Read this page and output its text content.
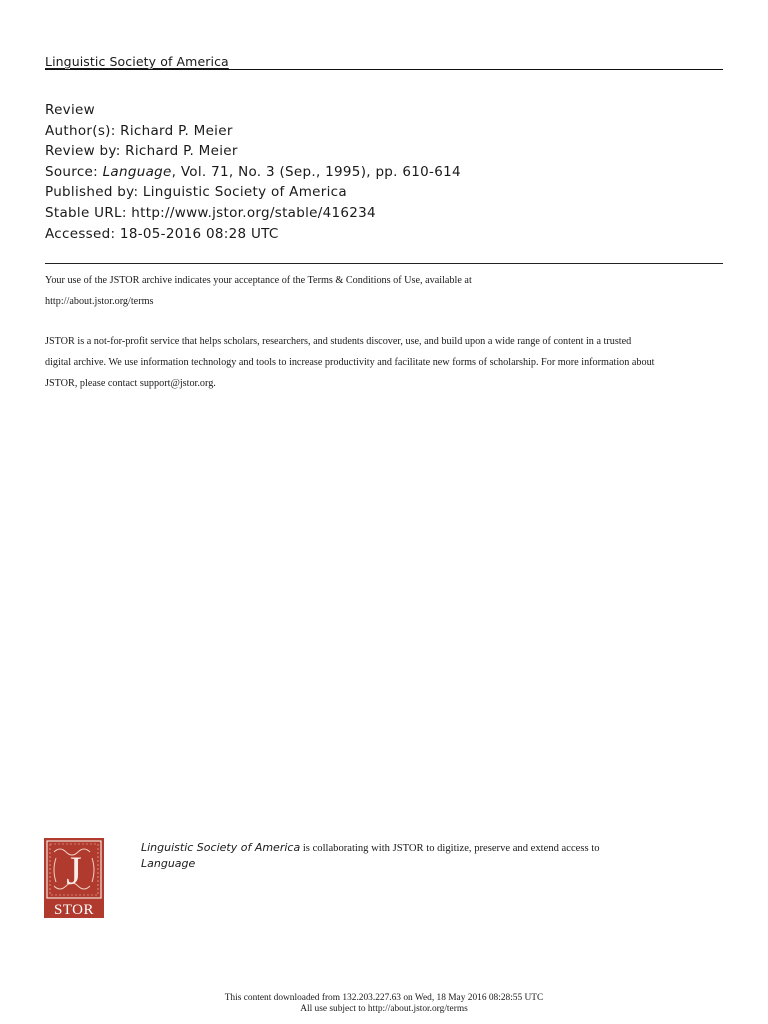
Linguistic Society of America
Review
Author(s): Richard P. Meier
Review by: Richard P. Meier
Source: Language, Vol. 71, No. 3 (Sep., 1995), pp. 610-614
Published by: Linguistic Society of America
Stable URL: http://www.jstor.org/stable/416234
Accessed: 18-05-2016 08:28 UTC
Your use of the JSTOR archive indicates your acceptance of the Terms & Conditions of Use, available at
http://about.jstor.org/terms
JSTOR is a not-for-profit service that helps scholars, researchers, and students discover, use, and build upon a wide range of content in a trusted
digital archive. We use information technology and tools to increase productivity and facilitate new forms of scholarship. For more information about
JSTOR, please contact support@jstor.org.
J
STOR
Linguistic Society of America is collaborating with JSTOR to digitize, preserve and extend access to
Language
This content downloaded from 132.203.227.63 on Wed, 18 May 2016 08:28:55 UTC
All use subject to http://about.jstor.org/terms
